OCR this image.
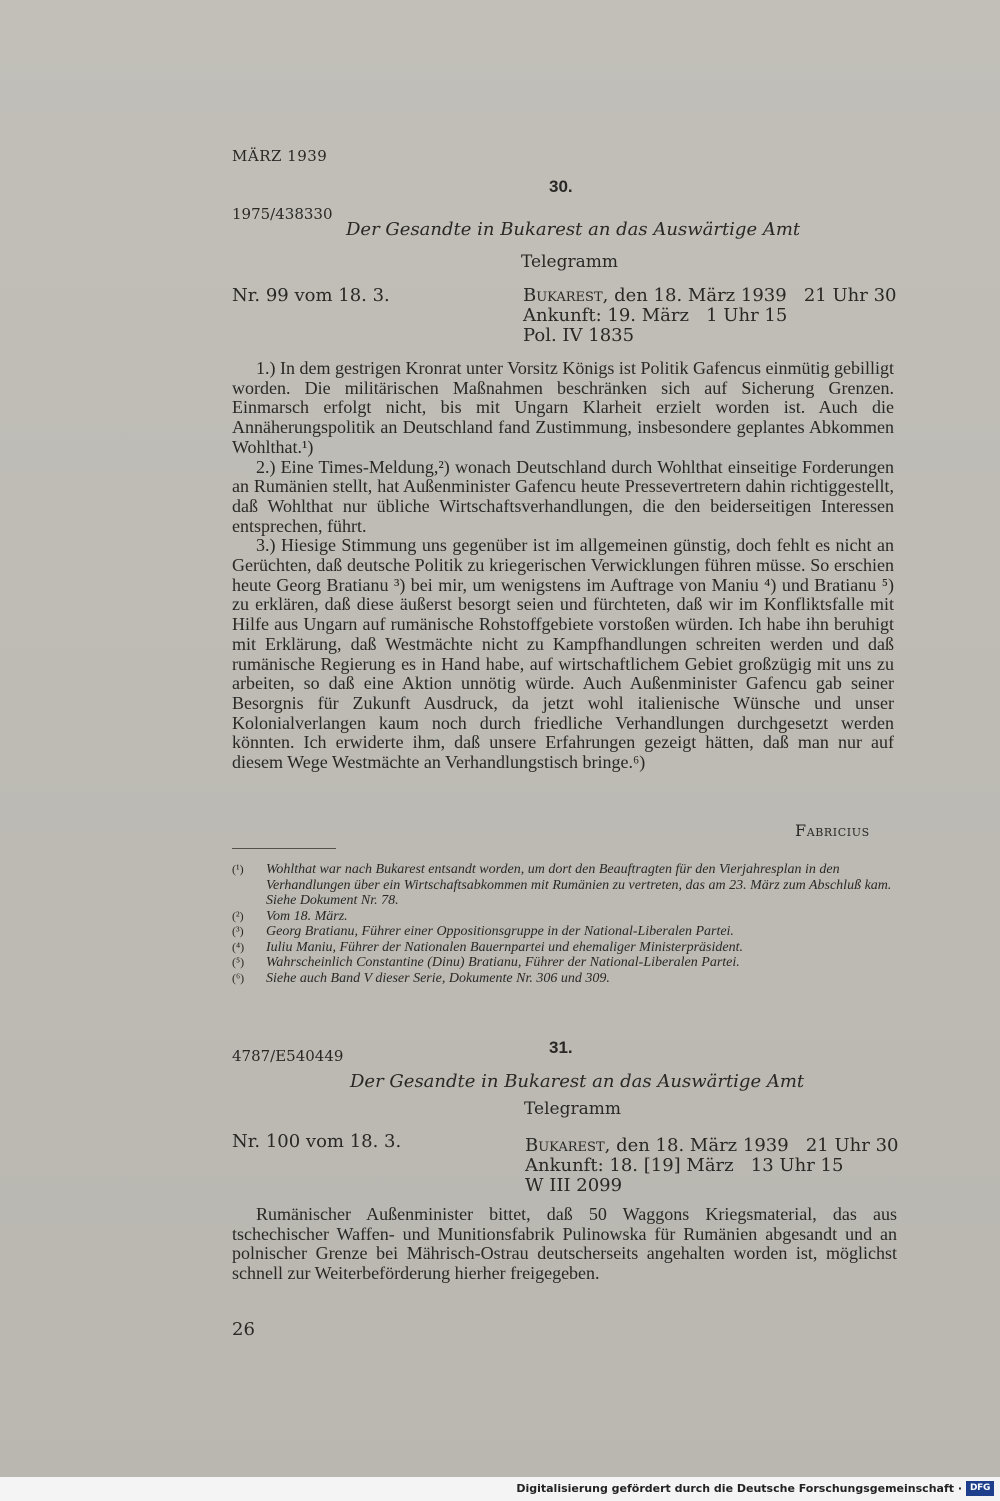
MÄRZ 1939
30.
1975/438330
Der Gesandte in Bukarest an das Auswärtige Amt
Telegramm
Nr. 99 vom 18. 3.	Bukarest, den 18. März 1939   21 Uhr 30
Ankunft: 19. März   1 Uhr 15
Pol. IV 1835

1.) In dem gestrigen Kronrat unter Vorsitz Königs ist Politik Gafencus einmütig gebilligt worden. Die militärischen Maßnahmen beschränken sich auf Sicherung Grenzen. Einmarsch erfolgt nicht, bis mit Ungarn Klarheit erzielt worden ist. Auch die Annäherungspolitik an Deutschland fand Zustimmung, insbesondere geplantes Abkommen Wohlthat.¹)

2.) Eine Times-Meldung,²) wonach Deutschland durch Wohlthat einseitige Forderungen an Rumänien stellt, hat Außenminister Gafencu heute Pressevertretern dahin richtiggestellt, daß Wohlthat nur übliche Wirtschaftsverhandlungen, die den beiderseitigen Interessen entsprechen, führt.

3.) Hiesige Stimmung uns gegenüber ist im allgemeinen günstig, doch fehlt es nicht an Gerüchten, daß deutsche Politik zu kriegerischen Verwicklungen führen müsse. So erschien heute Georg Bratianu ³) bei mir, um wenigstens im Auftrage von Maniu ⁴) und Bratianu ⁵) zu erklären, daß diese äußerst besorgt seien und fürchteten, daß wir im Konfliktsfalle mit Hilfe aus Ungarn auf rumänische Rohstoffgebiete vorstoßen würden. Ich habe ihn beruhigt mit Erklärung, daß Westmächte nicht zu Kampfhandlungen schreiten werden und daß rumänische Regierung es in Hand habe, auf wirtschaftlichem Gebiet großzügig mit uns zu arbeiten, so daß eine Aktion unnötig würde. Auch Außenminister Gafencu gab seiner Besorgnis für Zukunft Ausdruck, da jetzt wohl italienische Wünsche und unser Kolonialverlangen kaum noch durch friedliche Verhandlungen durchgesetzt werden könnten. Ich erwiderte ihm, daß unsere Erfahrungen gezeigt hätten, daß man nur auf diesem Wege Westmächte an Verhandlungstisch bringe.⁶)

Fabricius
(¹)	Wohlthat war nach Bukarest entsandt worden, um dort den Beauftragten für den Vierjahresplan in den Verhandlungen über ein Wirtschaftsabkommen mit Rumänien zu vertreten, das am 23. März zum Abschluß kam. Siehe Dokument Nr. 78.
(²)	Vom 18. März.
(³)	Georg Bratianu, Führer einer Oppositionsgruppe in der National-Liberalen Partei.
(⁴)	Iuliu Maniu, Führer der Nationalen Bauernpartei und ehemaliger Ministerpräsident.
(⁵)	Wahrscheinlich Constantine (Dinu) Bratianu, Führer der National-Liberalen Partei.
(⁶)	Siehe auch Band V dieser Serie, Dokumente Nr. 306 und 309.
31.
4787/E540449
Der Gesandte in Bukarest an das Auswärtige Amt
Telegramm
Nr. 100 vom 18. 3.	Bukarest, den 18. März 1939   21 Uhr 30
Ankunft: 18. [19] März   13 Uhr 15
W III 2099

Rumänischer Außenminister bittet, daß 50 Waggons Kriegsmaterial, das aus tschechischer Waffen- und Munitionsfabrik Pulinowska für Rumänien abgesandt und an polnischer Grenze bei Mährisch-Ostrau deutscherseits angehalten worden ist, möglichst schnell zur Weiterbeförderung hierher freigegeben.

26
Digitalisierung gefördert durch die Deutsche Forschungsgemeinschaft · DFG
